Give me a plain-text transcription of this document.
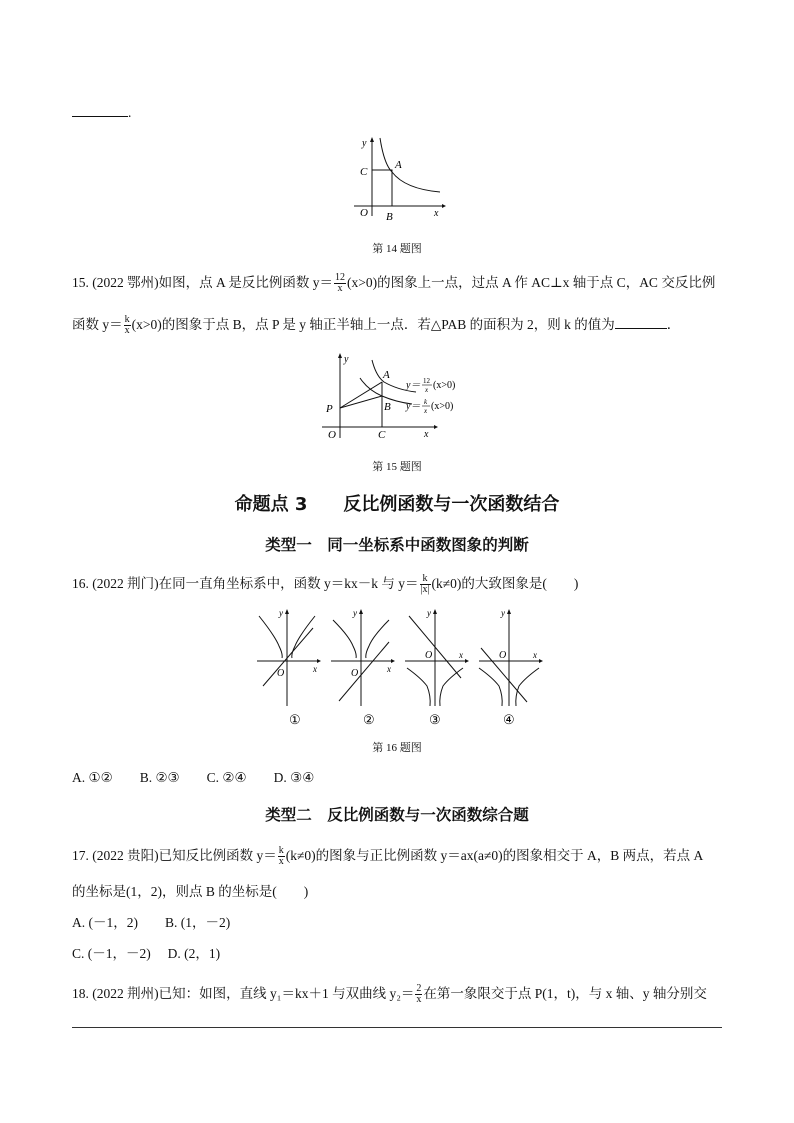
.
y
x
O
C
A
B
第 14 题图
15. (2022 鄂州)如图，点 A 是反比例函数 $y= \frac{12}{x} (x>0)$的图象上一点，过点 A 作 AC⊥x 轴于点 C，AC 交反比例
函数 $y= \frac{k}{x} (x>0)$的图象于点 B，点 P 是 y 轴正半轴上一点．若△PAB 的面积为 2，则 k 的值为	．
y
x
O	C
A
B
P
y＝ 12
x (x>0)
y＝ k
x (x>0)
第 15 题图
命题点 3　　反比例函数与一次函数结合
类型一　同一坐标系中函数图象的判断
16. (2022 荆门)在同一直角坐标系中，函数 y＝kx－k 与 $y= \frac{k}{|x|} (k\ne 0)$的大致图象是(　　)
y
x
O
①
y
x
O
②
y
x
O
③
y
x
O
④
第 16 题图
A. ①②　　B. ②③　　C. ②④　　D. ③④
类型二　反比例函数与一次函数综合题
17. (2022 贵阳)已知反比例函数 $y= \frac{k}{x} (k\ne 0)$的图象与正比例函数 y＝ax(a≠0)的图象相交于 A，B 两点，若点 A
的坐标是(1，2)，则点 B 的坐标是(　　)
A. (－1，2)　　B. (1，－2)
C. (－1，－2)　 D. (2，1)
18. (2022 荆州)已知：如图，直线 y₁＝kx＋1 与双曲线 $y_2= \frac{2}{x}$ 在第一象限交于点 P(1，t)，与 x 轴、y 轴分别交
